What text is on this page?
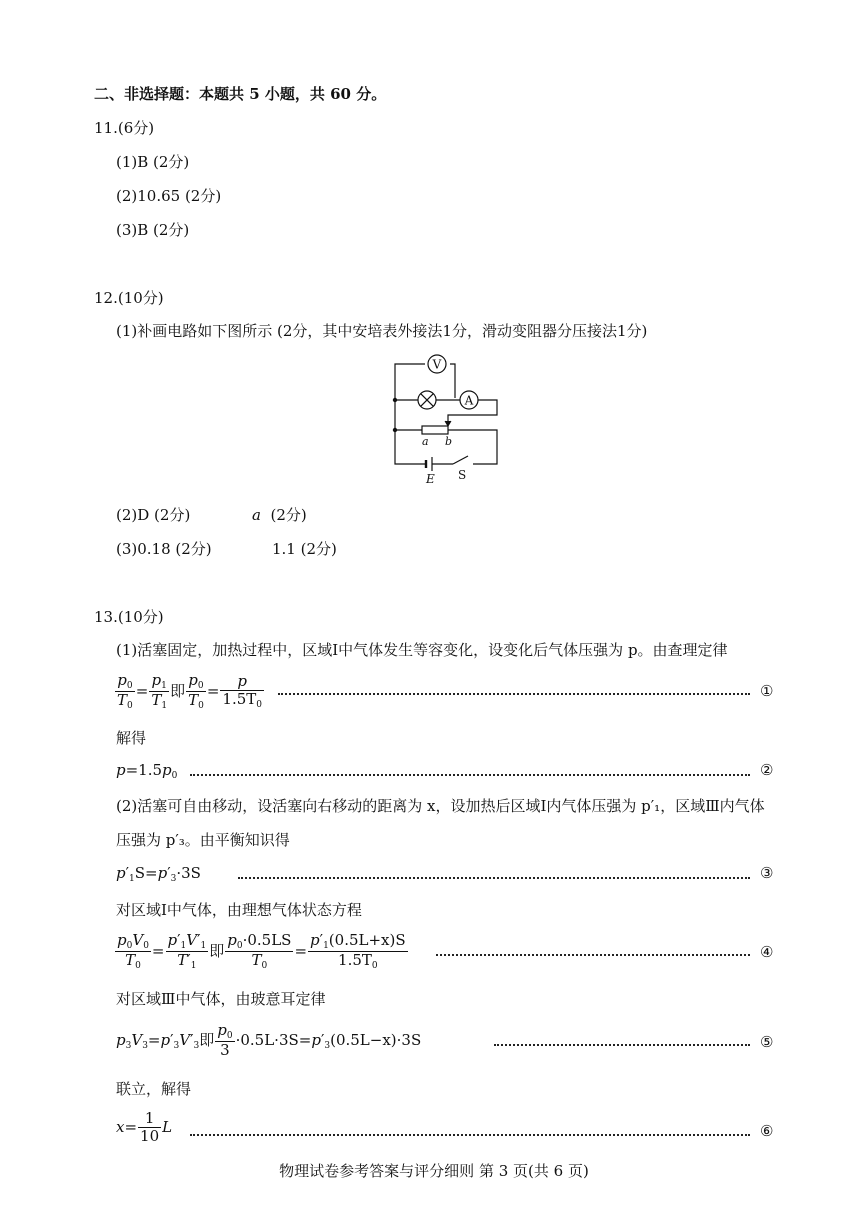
二、非选择题：本题共 5 小题，共 60 分。
11.(6分)
(1)B (2分)
(2)10.65 (2分)
(3)B (2分)
12.(10分)
(1)补画电路如下图所示 (2分，其中安培表外接法1分，滑动变阻器分压接法1分)
V
A
a b
E S
(2)D (2分)	a (2分)
(3)0.18 (2分)	1.1 (2分)
13.(10分)
(1)活塞固定，加热过程中，区域Ⅰ中气体发生等容变化，设变化后气体压强为 p。由查理定律
$\frac{p_0}{T_0} = \frac{p_1}{T_1}$ 即 $\frac{p_0}{T_0} = \frac{p}{1.5T_0}$	①
解得
$p=1.5p_0$	②
(2)活塞可自由移动，设活塞向右移动的距离为 x，设加热后区域Ⅰ内气体压强为 p′₁，区域Ⅲ内气体
压强为 p′₃。由平衡知识得
$p'_1S=p'_3\cdot 3S$	③
对区域Ⅰ中气体，由理想气体状态方程
$\frac{p_0V_0}{T_0} = \frac{p'_1V'_1}{T'_1}$ 即 $\frac{p_0\cdot 0.5LS}{T_0} = \frac{p'_1(0.5L+x)S}{1.5T_0}$	④
对区域Ⅲ中气体，由玻意耳定律
$p_3V_3=p'_3V'_3$即 $\frac{p_0}{3} \cdot 0.5L\cdot 3S=p'_3(0.5L-x)\cdot 3S$	⑤
联立，解得
$x= \frac{1}{10}$ L	⑥
物理试卷参考答案与评分细则 第 3 页(共 6 页)
